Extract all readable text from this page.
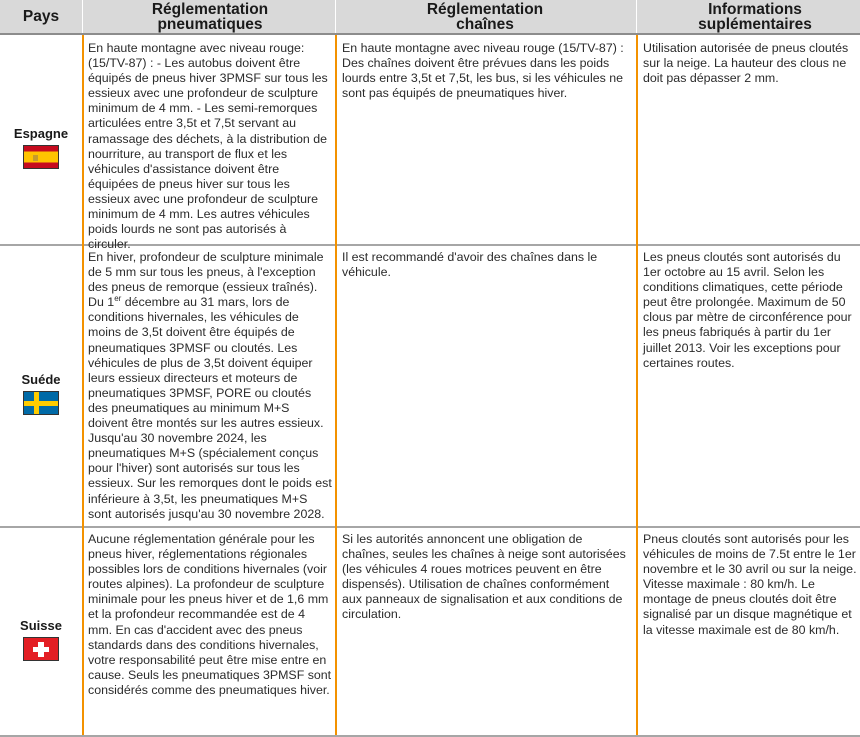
Pays	Réglementation pneumatiques
Réglementation chaînes
Informations suplémentaires
Espagne
En haute montagne avec niveau rouge:(15/TV-87) : - Les autobus doivent être équipés de pneus hiver 3PMSF sur tous les essieux avec une profondeur de sculpture minimum de 4 mm. - Les semi-remorques articulées entre 3,5t et 7,5t servant au ramassage des déchets, à la distribution de nourriture, au transport de flux et les véhicules d'assistance doivent être équipées de pneus hiver sur tous les essieux avec une profondeur de sculpture minimum de 4 mm. Les autres véhicules poids lourds ne sont pas autorisés à circuler.
En haute montagne avec niveau rouge (15/TV-87) : Des chaînes doivent être prévues dans les poids lourds entre 3,5t et 7,5t, les bus, si les véhicules ne sont pas équipés de pneumatiques hiver.
Utilisation autorisée de pneus cloutés sur la neige. La hauteur des clous ne doit pas dépasser 2 mm.
Suéde
En hiver, profondeur de sculpture minimale de 5 mm sur tous les pneus, à l'exception des pneus de remorque (essieux traînés). Du 1er décembre au 31 mars, lors de conditions hivernales, les véhicules de moins de 3,5t doivent être équipés de pneumatiques 3PMSF ou cloutés. Les véhicules de plus de 3,5t doivent équiper leurs essieux directeurs et moteurs de pneumatiques 3PMSF, PORE ou cloutés des pneumatiques au minimum M+S doivent être montés sur les autres essieux. Jusqu'au 30 novembre 2024, les pneumatiques M+S (spécialement conçus pour l'hiver) sont autorisés sur tous les essieux. Sur les remorques dont le poids est inférieure à 3,5t, les pneumatiques M+S sont autorisés jusqu'au 30 novembre 2028.
Il est recommandé d'avoir des chaînes dans le véhicule.
Les pneus cloutés sont autorisés du 1er octobre au 15 avril. Selon les conditions climatiques, cette période peut être prolongée. Maximum de 50 clous par mètre de circonférence pour les pneus fabriqués à partir du 1er juillet 2013. Voir les exceptions pour certaines routes.
Suisse
Aucune réglementation générale pour les pneus hiver, réglementations régionales possibles lors de conditions hivernales (voir routes alpines). La profondeur de sculpture minimale pour les pneus hiver et de 1,6 mm et la profondeur recommandée est de 4 mm. En cas d'accident avec des pneus standards dans des conditions hivernales, votre responsabilité peut être mise entre en cause. Seuls les pneumatiques 3PMSF sont considérés comme des pneumatiques hiver.
Si les autorités annoncent une obligation de chaînes, seules les chaînes à neige sont autorisées (les véhicules 4 roues motrices peuvent en être dispensés). Utilisation de chaînes conformément aux panneaux de signalisation et aux conditions de circulation.
Pneus cloutés sont autorisés pour les véhicules de moins de 7.5t entre le 1er novembre et le 30 avril ou sur la neige. Vitesse maximale : 80 km/h. Le montage de pneus cloutés doit être signalisé par un disque magnétique et la vitesse maximale est de 80 km/h.
